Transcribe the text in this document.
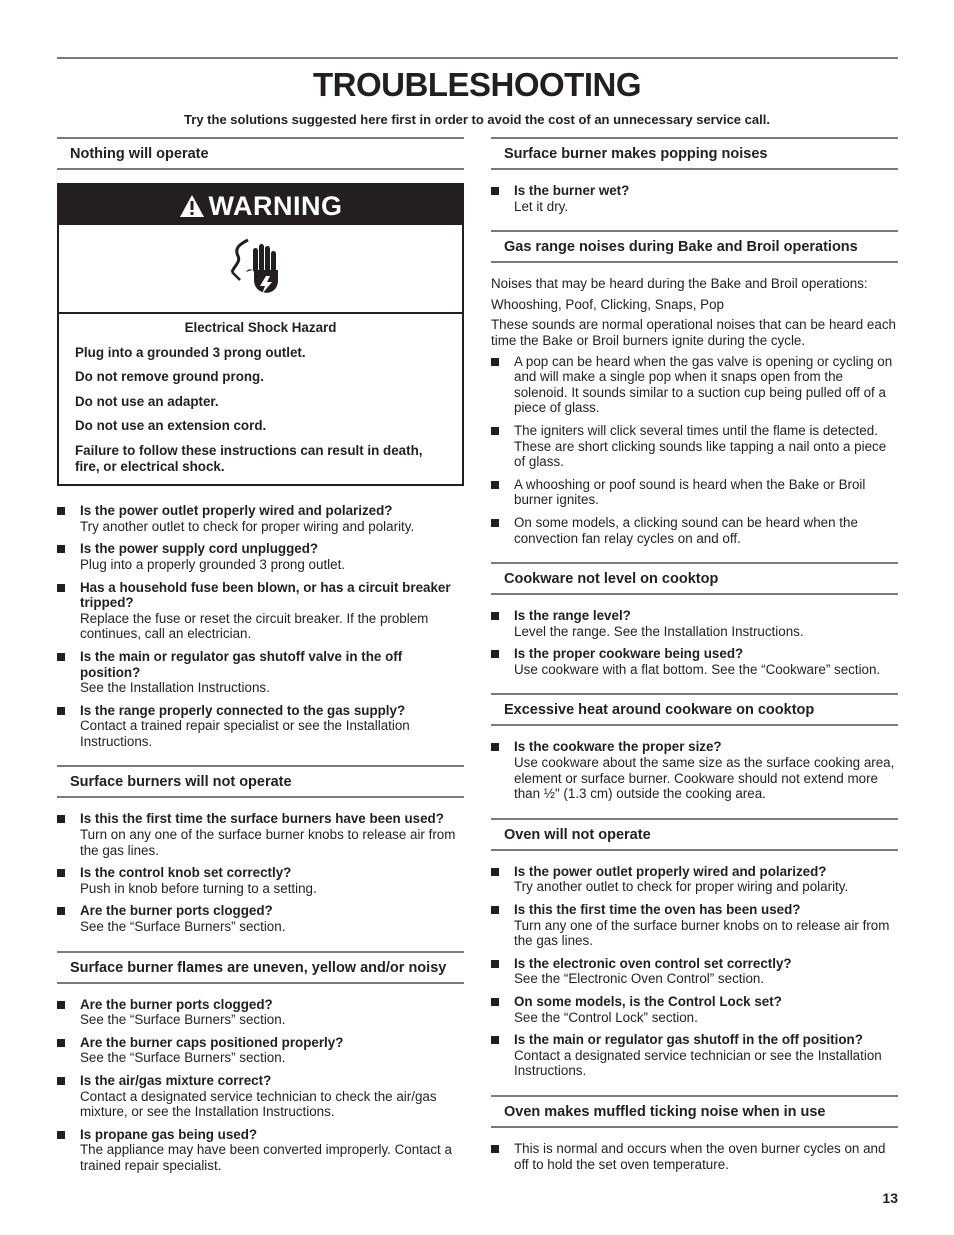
TROUBLESHOOTING

Try the solutions suggested here first in order to avoid the cost of an unnecessary service call.

Nothing will operate
WARNING
Electrical Shock Hazard

Plug into a grounded 3 prong outlet.

Do not remove ground prong.

Do not use an adapter.

Do not use an extension cord.

Failure to follow these instructions can result in death, fire, or electrical shock.

Is the power outlet properly wired and polarized?
Try another outlet to check for proper wiring and polarity.
Is the power supply cord unplugged?
Plug into a properly grounded 3 prong outlet.
Has a household fuse been blown, or has a circuit breaker tripped?
Replace the fuse or reset the circuit breaker. If the problem continues, call an electrician.
Is the main or regulator gas shutoff valve in the off position?
See the Installation Instructions.
Is the range properly connected to the gas supply?
Contact a trained repair specialist or see the Installation Instructions.
Surface burners will not operate
Is this the first time the surface burners have been used?
Turn on any one of the surface burner knobs to release air from the gas lines.
Is the control knob set correctly?
Push in knob before turning to a setting.
Are the burner ports clogged?
See the “Surface Burners” section.
Surface burner flames are uneven, yellow and/or noisy
Are the burner ports clogged?
See the “Surface Burners” section.
Are the burner caps positioned properly?
See the “Surface Burners” section.
Is the air/gas mixture correct?
Contact a designated service technician to check the air/gas mixture, or see the Installation Instructions.
Is propane gas being used?
The appliance may have been converted improperly. Contact a trained repair specialist.
Surface burner makes popping noises
Is the burner wet?
Let it dry.
Gas range noises during Bake and Broil operations

Noises that may be heard during the Bake and Broil operations:

Whooshing, Poof, Clicking, Snaps, Pop

These sounds are normal operational noises that can be heard each time the Bake or Broil burners ignite during the cycle.

A pop can be heard when the gas valve is opening or cycling on and will make a single pop when it snaps open from the solenoid. It sounds similar to a suction cup being pulled off of a piece of glass.
The igniters will click several times until the flame is detected. These are short clicking sounds like tapping a nail onto a piece of glass.
A whooshing or poof sound is heard when the Bake or Broil burner ignites.
On some models, a clicking sound can be heard when the convection fan relay cycles on and off.
Cookware not level on cooktop
Is the range level?
Level the range. See the Installation Instructions.
Is the proper cookware being used?
Use cookware with a flat bottom. See the “Cookware” section.
Excessive heat around cookware on cooktop
Is the cookware the proper size?
Use cookware about the same size as the surface cooking area, element or surface burner. Cookware should not extend more than ½" (1.3 cm) outside the cooking area.
Oven will not operate
Is the power outlet properly wired and polarized?
Try another outlet to check for proper wiring and polarity.
Is this the first time the oven has been used?
Turn any one of the surface burner knobs on to release air from the gas lines.
Is the electronic oven control set correctly?
See the “Electronic Oven Control” section.
On some models, is the Control Lock set?
See the “Control Lock” section.
Is the main or regulator gas shutoff in the off position?
Contact a designated service technician or see the Installation Instructions.
Oven makes muffled ticking noise when in use
This is normal and occurs when the oven burner cycles on and off to hold the set oven temperature.
13
